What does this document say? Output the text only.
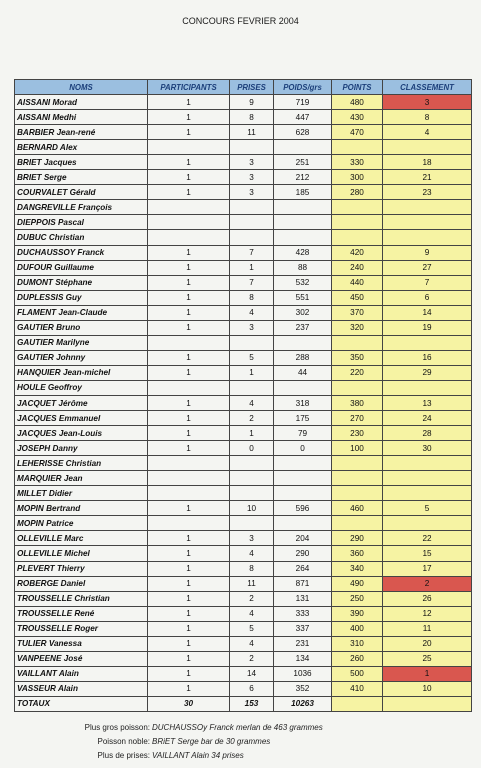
CONCOURS FEVRIER 2004
NOMS	PARTICIPANTS	PRISES	POIDS/grs	POINTS	CLASSEMENT
AISSANI Morad	1	9	719	480	3
AISSANI Medhi	1	8	447	430	8
BARBIER Jean-rené	1	11	628	470	4
BERNARD Alex					
BRIET Jacques	1	3	251	330	18
BRIET Serge	1	3	212	300	21
COURVALET Gérald	1	3	185	280	23
DANGREVILLE François					
DIEPPOIS Pascal					
DUBUC Christian					
DUCHAUSSOY Franck	1	7	428	420	9
DUFOUR Guillaume	1	1	88	240	27
DUMONT Stéphane	1	7	532	440	7
DUPLESSIS Guy	1	8	551	450	6
FLAMENT Jean-Claude	1	4	302	370	14
GAUTIER Bruno	1	3	237	320	19
GAUTIER Marilyne					
GAUTIER Johnny	1	5	288	350	16
HANQUIER Jean-michel	1	1	44	220	29
HOULE Geoffroy					
JACQUET Jérôme	1	4	318	380	13
JACQUES Emmanuel	1	2	175	270	24
JACQUES Jean-Louis	1	1	79	230	28
JOSEPH Danny	1	0	0	100	30
LEHERISSE Christian					
MARQUIER Jean					
MILLET Didier					
MOPIN Bertrand	1	10	596	460	5
MOPIN Patrice					
OLLEVILLE Marc	1	3	204	290	22
OLLEVILLE Michel	1	4	290	360	15
PLEVERT Thierry	1	8	264	340	17
ROBERGE Daniel	1	11	871	490	2
TROUSSELLE Christian	1	2	131	250	26
TROUSSELLE René	1	4	333	390	12
TROUSSELLE Roger	1	5	337	400	11
TULIER Vanessa	1	4	231	310	20
VANPEENE José	1	2	134	260	25
VAILLANT Alain	1	14	1036	500	1
VASSEUR Alain	1	6	352	410	10
TOTAUX	30	153	10263		
Plus gros poisson: DUCHAUSSOy Franck merlan de 463 grammes
Poisson noble: BRiET Serge bar de 30 grammes
Plus de prises: VAILLANT Alain 34 prises
